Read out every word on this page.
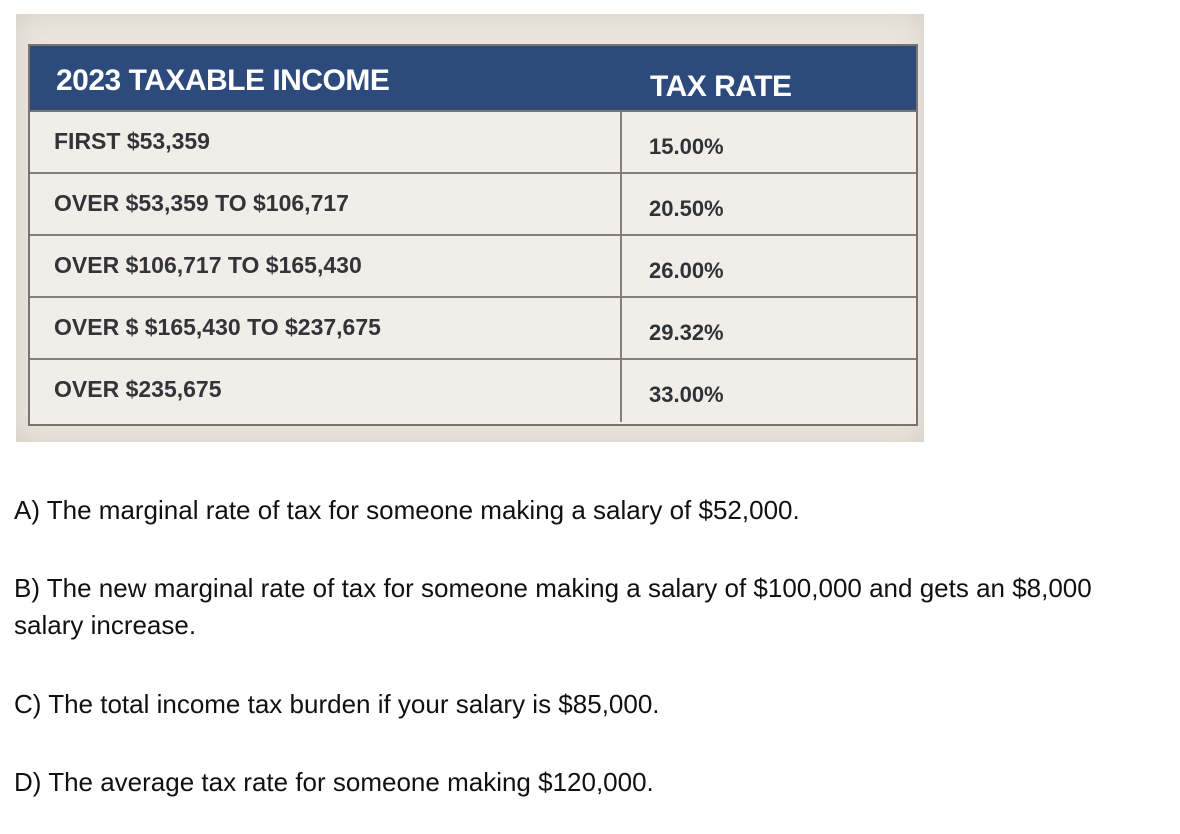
2023 TAXABLE INCOME	TAX RATE
FIRST $53,359	15.00%
OVER $53,359 TO $106,717	20.50%
OVER $106,717 TO $165,430	26.00%
OVER $ $165,430 TO $237,675	29.32%
OVER $235,675	33.00%
A) The marginal rate of tax for someone making a salary of $52,000.
B) The new marginal rate of tax for someone making a salary of $100,000 and gets an $8,000 salary increase.
C) The total income tax burden if your salary is $85,000.
D) The average tax rate for someone making $120,000.
